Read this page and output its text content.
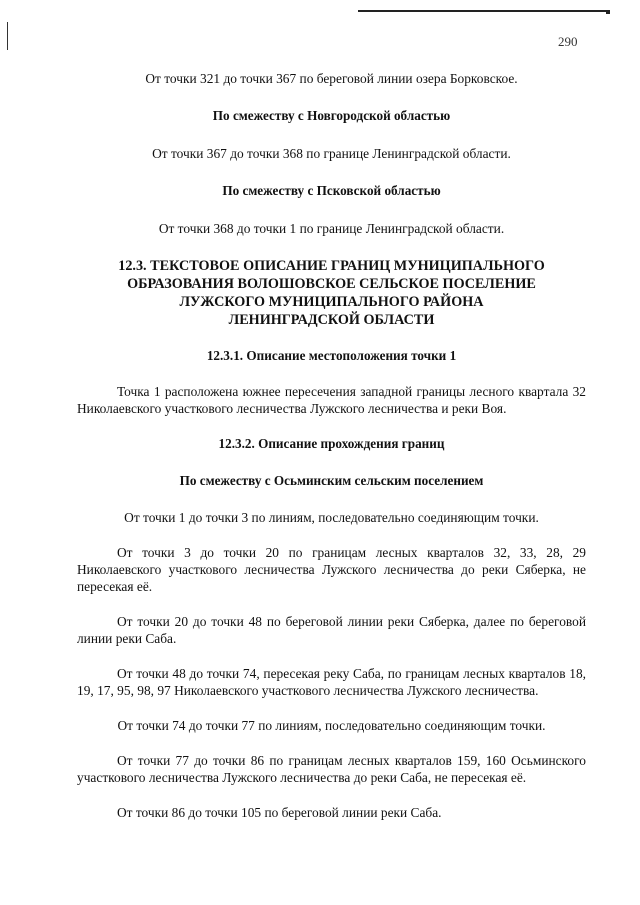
290

От точки 321 до точки 367 по береговой линии озера Борковское.

По смежеству с Новгородской областью

От точки 367 до точки 368 по границе Ленинградской области.

По смежеству с Псковской областью

От точки 368 до точки 1 по границе Ленинградской области.

12.3. ТЕКСТОВОЕ ОПИСАНИЕ ГРАНИЦ МУНИЦИПАЛЬНОГО
ОБРАЗОВАНИЯ ВОЛОШОВСКОЕ СЕЛЬСКОЕ ПОСЕЛЕНИЕ
ЛУЖСКОГО МУНИЦИПАЛЬНОГО РАЙОНА
ЛЕНИНГРАДСКОЙ ОБЛАСТИ

12.3.1. Описание местоположения точки 1

Точка 1 расположена южнее пересечения западной границы лесного квартала 32 Николаевского участкового лесничества Лужского лесничества и реки Воя.

12.3.2. Описание прохождения границ

По смежеству с Осьминским сельским поселением

От точки 1 до точки 3 по линиям, последовательно соединяющим точки.

От точки 3 до точки 20 по границам лесных кварталов 32, 33, 28, 29 Николаевского участкового лесничества Лужского лесничества до реки Сяберка, не пересекая её.

От точки 20 до точки 48 по береговой линии реки Сяберка, далее по береговой линии реки Саба.

От точки 48 до точки 74, пересекая реку Саба, по границам лесных кварталов 18, 19, 17, 95, 98, 97 Николаевского участкового лесничества Лужского лесничества.

От точки 74 до точки 77 по линиям, последовательно соединяющим точки.

От точки 77 до точки 86 по границам лесных кварталов 159, 160 Осьминского участкового лесничества Лужского лесничества до реки Саба, не пересекая её.

От точки 86 до точки 105 по береговой линии реки Саба.
